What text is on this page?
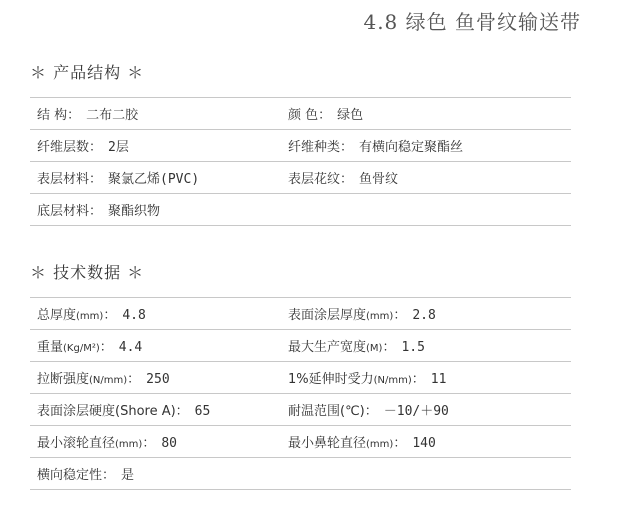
4.8 绿色 鱼骨纹输送带
＊ 产品结构 ＊
结 构： 二布二胶	颜 色： 绿色
纤维层数： 2层	纤维种类： 有横向稳定聚酯丝
表层材料： 聚氯乙烯(PVC)	表层花纹： 鱼骨纹
底层材料： 聚酯织物
＊ 技术数据 ＊
总厚度(mm)： 4.8	表面涂层厚度(mm)： 2.8
重量(Kg/M²)： 4.4	最大生产宽度(M)： 1.5
拉断强度(N/mm)： 250	1%延伸时受力(N/mm)： 11
表面涂层硬度(Shore A)： 65	耐温范围(℃)： －10/＋90
最小滚轮直径(mm)： 80	最小鼻轮直径(mm)： 140
横向稳定性： 是
